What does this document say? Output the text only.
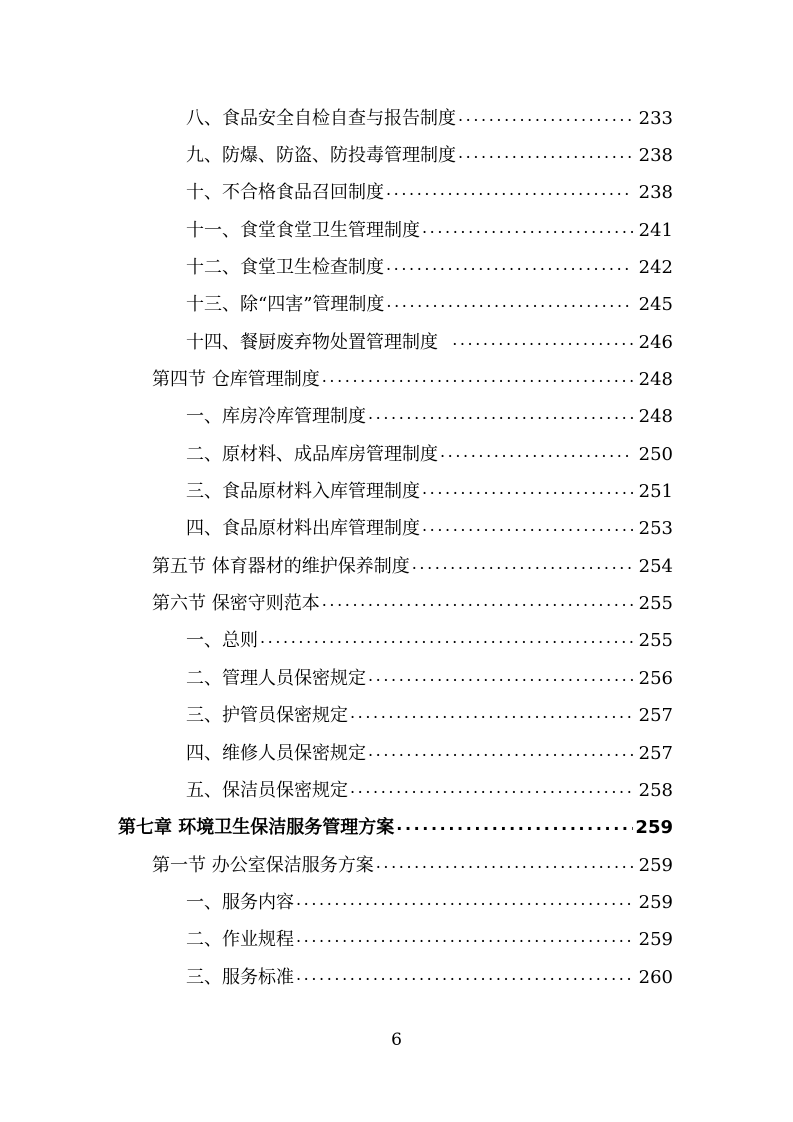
八、食品安全自检自查与报告制度 .....	233
九、防爆、防盗、防投毒管理制度 .....	238
十、不合格食品召回制度 .....	238
十一、食堂食堂卫生管理制度 .....	241
十二、食堂卫生检查制度 .....	242
十三、除“四害”管理制度 .....	245
十四、餐厨废弃物处置管理制度 .....	246
第四节 仓库管理制度 .....	248
一、库房冷库管理制度 .....	248
二、原材料、成品库房管理制度 .....	250
三、食品原材料入库管理制度 .....	251
四、食品原材料出库管理制度 .....	253
第五节 体育器材的维护保养制度 .....	254
第六节 保密守则范本 .....	255
一、总则 .....	255
二、管理人员保密规定 .....	256
三、护管员保密规定 .....	257
四、维修人员保密规定 .....	257
五、保洁员保密规定 .....	258
第七章 环境卫生保洁服务管理方案 .....	259
第一节 办公室保洁服务方案 .....	259
一、服务内容 .....	259
二、作业规程 .....	259
三、服务标准 .....	260
6
